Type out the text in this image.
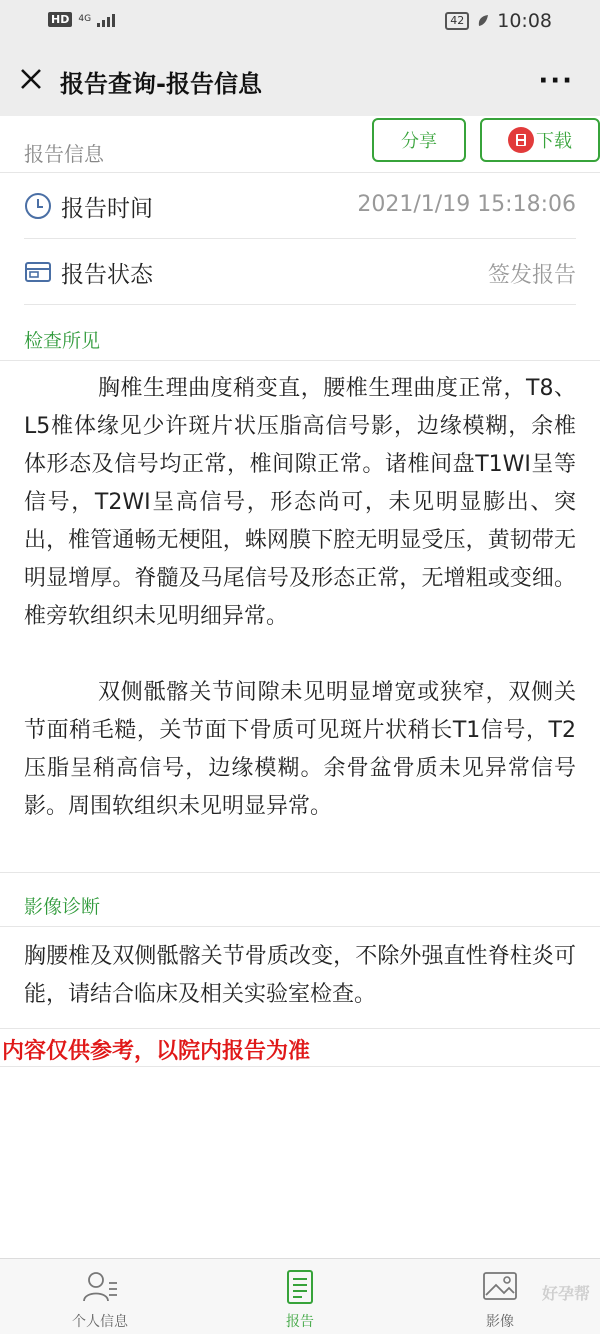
HD	4G	42 10:08
报告查询-报告信息	···
报告信息
分享	下载
报告时间	2021/1/19 15:18:06
报告状态	签发报告
检查所见

胸椎生理曲度稍变直，腰椎生理曲度正常，T8、L5椎体缘见少许斑片状压脂高信号影，边缘模糊，余椎体形态及信号均正常，椎间隙正常。诸椎间盘T1WI呈等信号，T2WI呈高信号，形态尚可，未见明显膨出、突出，椎管通畅无梗阻，蛛网膜下腔无明显受压，黄韧带无明显增厚。脊髓及马尾信号及形态正常，无增粗或变细。椎旁软组织未见明细异常。

双侧骶髂关节间隙未见明显增宽或狭窄，双侧关节面稍毛糙，关节面下骨质可见斑片状稍长T1信号，T2压脂呈稍高信号，边缘模糊。余骨盆骨质未见异常信号影。周围软组织未见明显异常。

影像诊断

胸腰椎及双侧骶髂关节骨质改变，不除外强直性脊柱炎可能，请结合临床及相关实验室检查。

内容仅供参考，以院内报告为准
个人信息	报告	影像
好孕帮
